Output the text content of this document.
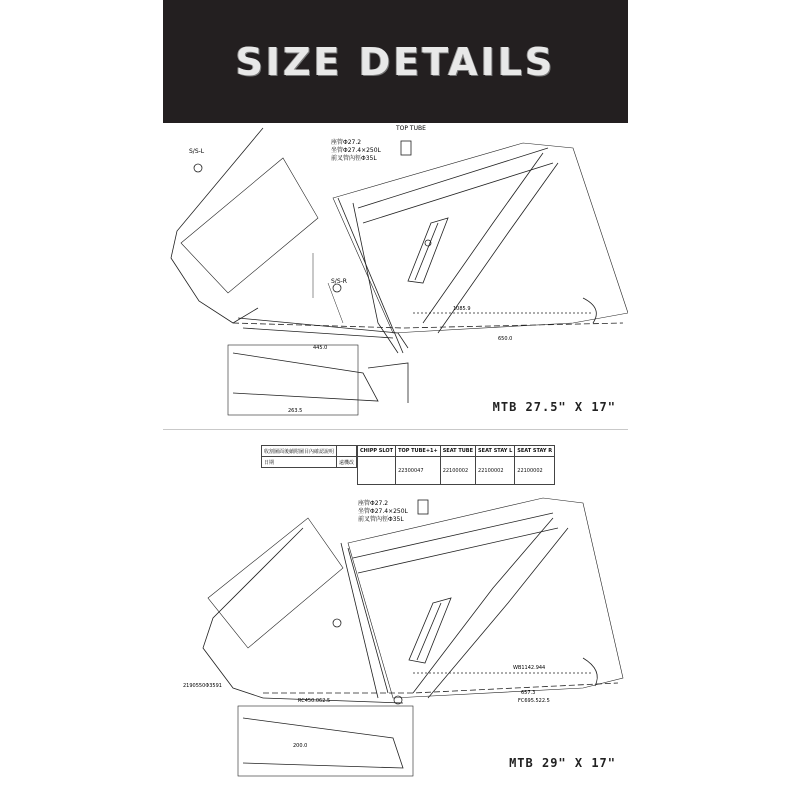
SIZE DETAILS
S/S-L
S/S-R
TOP TUBE
座管Φ27.2
坐管Φ27.4×250L
前叉管內徑Φ35L
1085.9
445.0
650.0
263.5	MTB 27.5" X 17"
收割圖面後續附圖目內確認說明	
日期	遠機改
CHIPP SLOT	TOP TUBE+1+	SEAT TUBE	SEAT STAY L	SEAT STAY R
	22300047	22100002	22100002	22100002
座管Φ27.2
坐管Φ27.4×250L
前叉管內徑Φ35L
WB1142.944
RC450.062.5	FC695.522.5
2190550Φ3591
657.3
200.0
MTB 29" X 17"
